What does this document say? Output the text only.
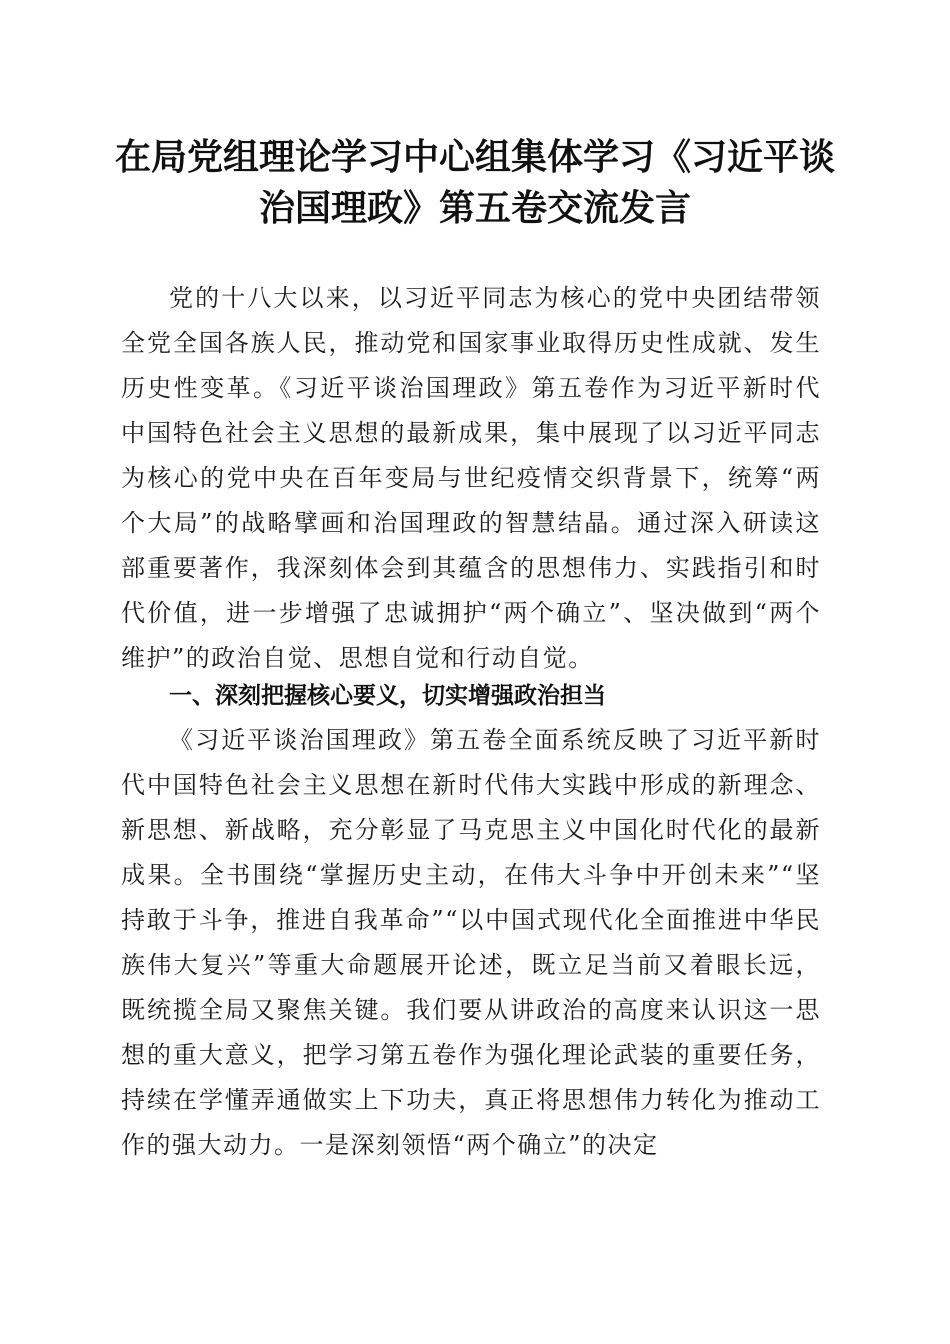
在局党组理论学习中心组集体学习《习近平谈治国理政》第五卷交流发言

党的十八大以来，以习近平同志为核心的党中央团结带领全党全国各族人民，推动党和国家事业取得历史性成就、发生历史性变革。《习近平谈治国理政》第五卷作为习近平新时代中国特色社会主义思想的最新成果，集中展现了以习近平同志为核心的党中央在百年变局与世纪疫情交织背景下，统筹“两个大局”的战略擘画和治国理政的智慧结晶。通过深入研读这部重要著作，我深刻体会到其蕴含的思想伟力、实践指引和时代价值，进一步增强了忠诚拥护“两个确立”、坚决做到“两个维护”的政治自觉、思想自觉和行动自觉。

一、深刻把握核心要义，切实增强政治担当

《习近平谈治国理政》第五卷全面系统反映了习近平新时代中国特色社会主义思想在新时代伟大实践中形成的新理念、新思想、新战略，充分彰显了马克思主义中国化时代化的最新成果。全书围绕“掌握历史主动，在伟大斗争中开创未来”“坚持敢于斗争，推进自我革命”“以中国式现代化全面推进中华民族伟大复兴”等重大命题展开论述，既立足当前又着眼长远，既统揽全局又聚焦关键。我们要从讲政治的高度来认识这一思想的重大意义，把学习第五卷作为强化理论武装的重要任务，持续在学懂弄通做实上下功夫，真正将思想伟力转化为推动工作的强大动力。一是深刻领悟“两个确立”的决定
